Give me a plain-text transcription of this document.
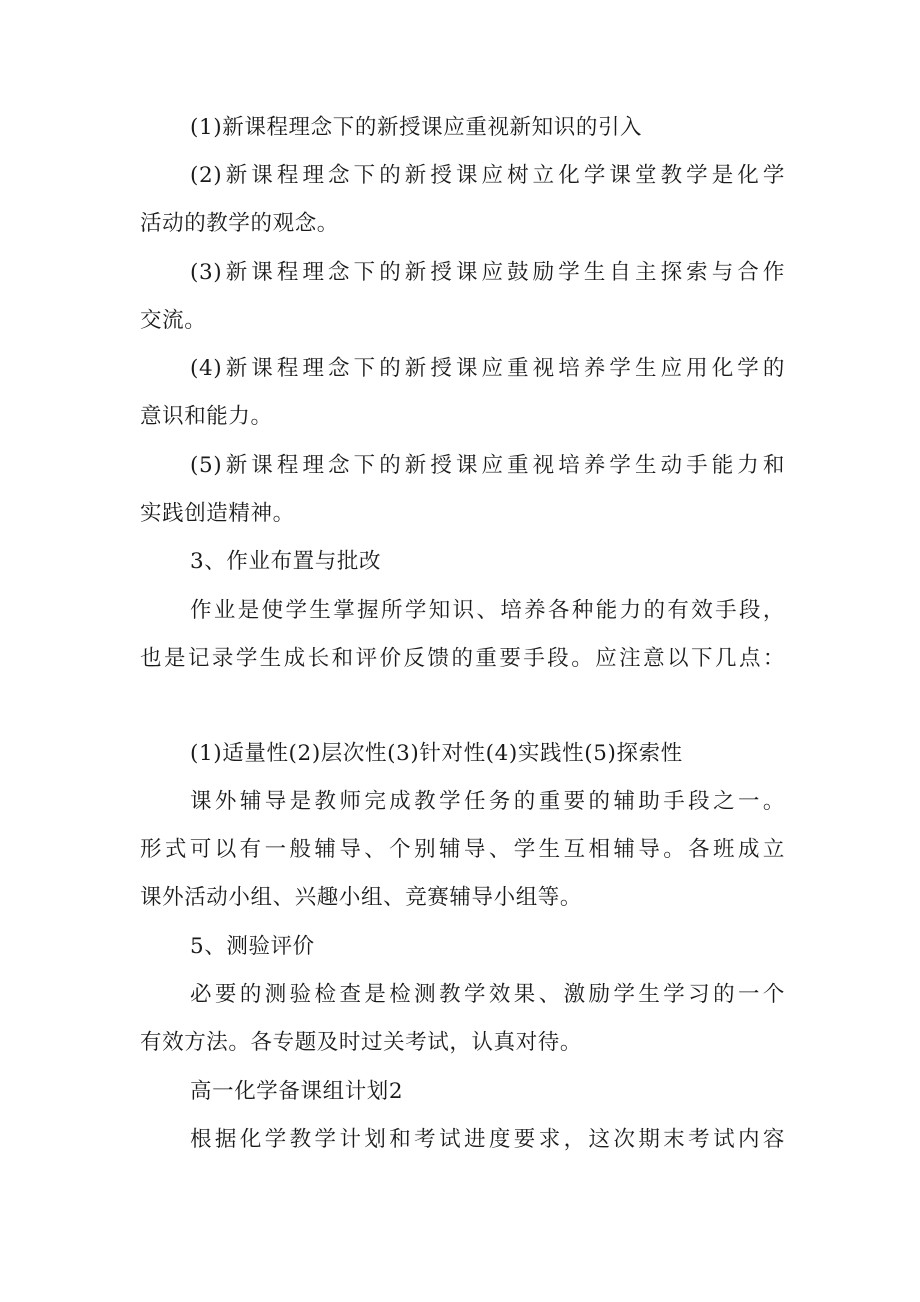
(1)新课程理念下的新授课应重视新知识的引入
(2)新课程理念下的新授课应树立化学课堂教学是化学
活动的教学的观念。
(3)新课程理念下的新授课应鼓励学生自主探索与合作
交流。
(4)新课程理念下的新授课应重视培养学生应用化学的
意识和能力。
(5)新课程理念下的新授课应重视培养学生动手能力和
实践创造精神。
3、作业布置与批改
作业是使学生掌握所学知识、培养各种能力的有效手段，
也是记录学生成长和评价反馈的重要手段。应注意以下几点：
(1)适量性(2)层次性(3)针对性(4)实践性(5)探索性
课外辅导是教师完成教学任务的重要的辅助手段之一。
形式可以有一般辅导、个别辅导、学生互相辅导。各班成立
课外活动小组、兴趣小组、竞赛辅导小组等。
5、测验评价
必要的测验检查是检测教学效果、激励学生学习的一个
有效方法。各专题及时过关考试，认真对待。
高一化学备课组计划2
根据化学教学计划和考试进度要求，这次期末考试内容
